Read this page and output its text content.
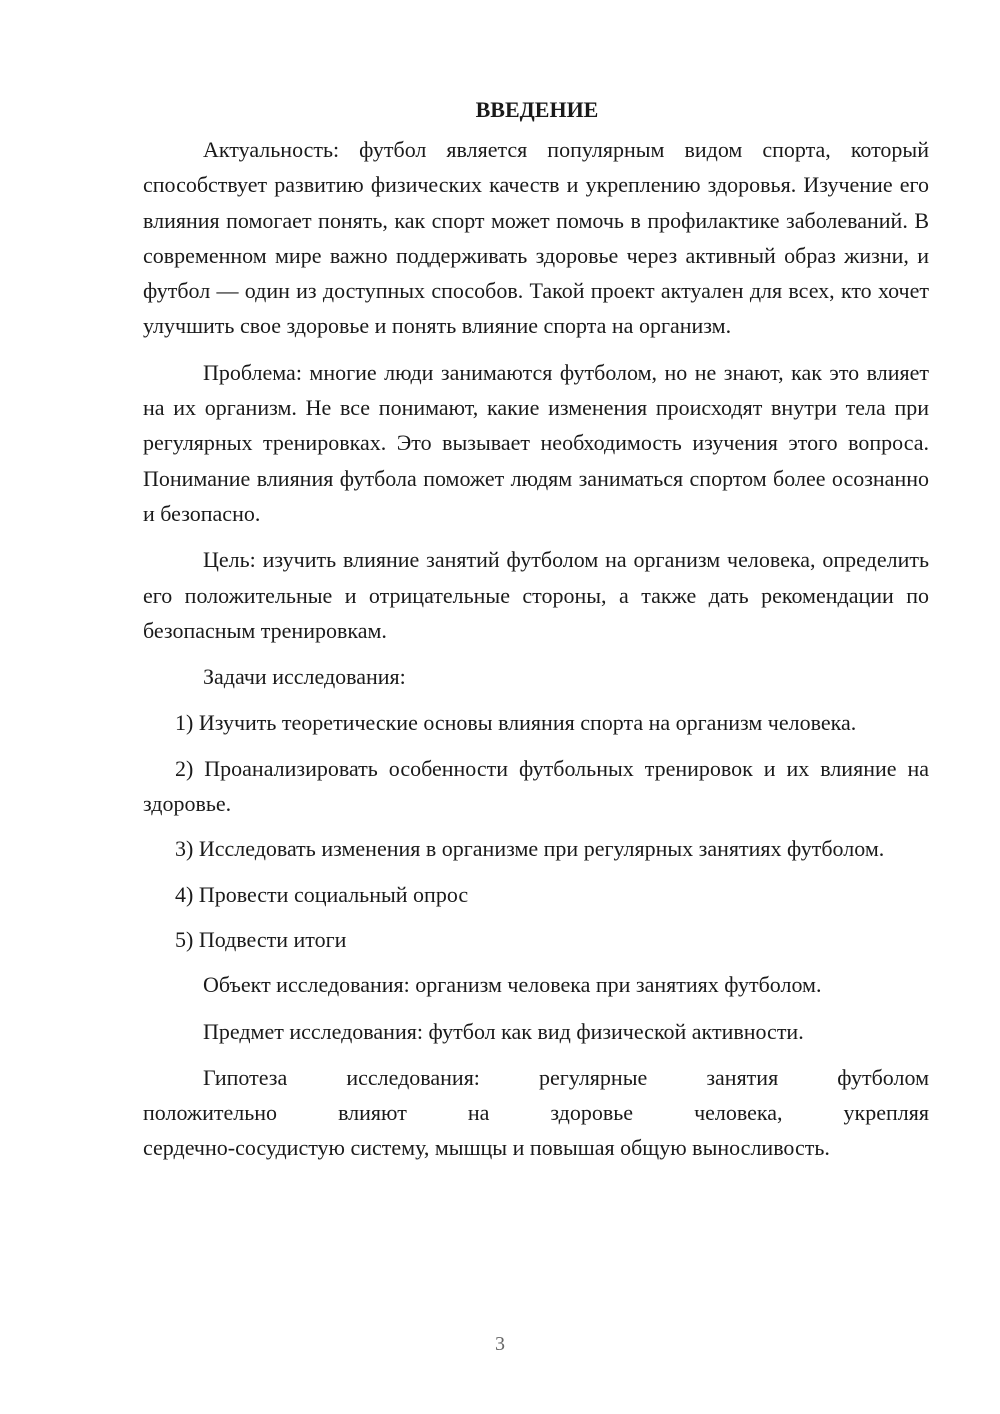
ВВЕДЕНИЕ

Актуальность: футбол является популярным видом спорта, который способствует развитию физических качеств и укреплению здоровья. Изучение его влияния помогает понять, как спорт может помочь в профилактике заболеваний. В современном мире важно поддерживать здоровье через активный образ жизни, и футбол — один из доступных способов. Такой проект актуален для всех, кто хочет улучшить свое здоровье и понять влияние спорта на организм.

Проблема: многие люди занимаются футболом, но не знают, как это влияет на их организм. Не все понимают, какие изменения происходят внутри тела при регулярных тренировках. Это вызывает необходимость изучения этого вопроса. Понимание влияния футбола поможет людям заниматься спортом более осознанно и безопасно.

Цель: изучить влияние занятий футболом на организм человека, определить его положительные и отрицательные стороны, а также дать рекомендации по безопасным тренировкам.

Задачи исследования:

1) Изучить теоретические основы влияния спорта на организм человека.

2) Проанализировать особенности футбольных тренировок и их влияние на здоровье.

3) Исследовать изменения в организме при регулярных занятиях футболом.

4) Провести социальный опрос

5) Подвести итоги

Объект исследования: организм человека при занятиях футболом.

Предмет исследования: футбол как вид физической активности.

Гипотеза исследования: регулярные занятия футболом
положительно влияют на здоровье человека, укрепляя
сердечно-сосудистую систему, мышцы и повышая общую выносливость.
3
